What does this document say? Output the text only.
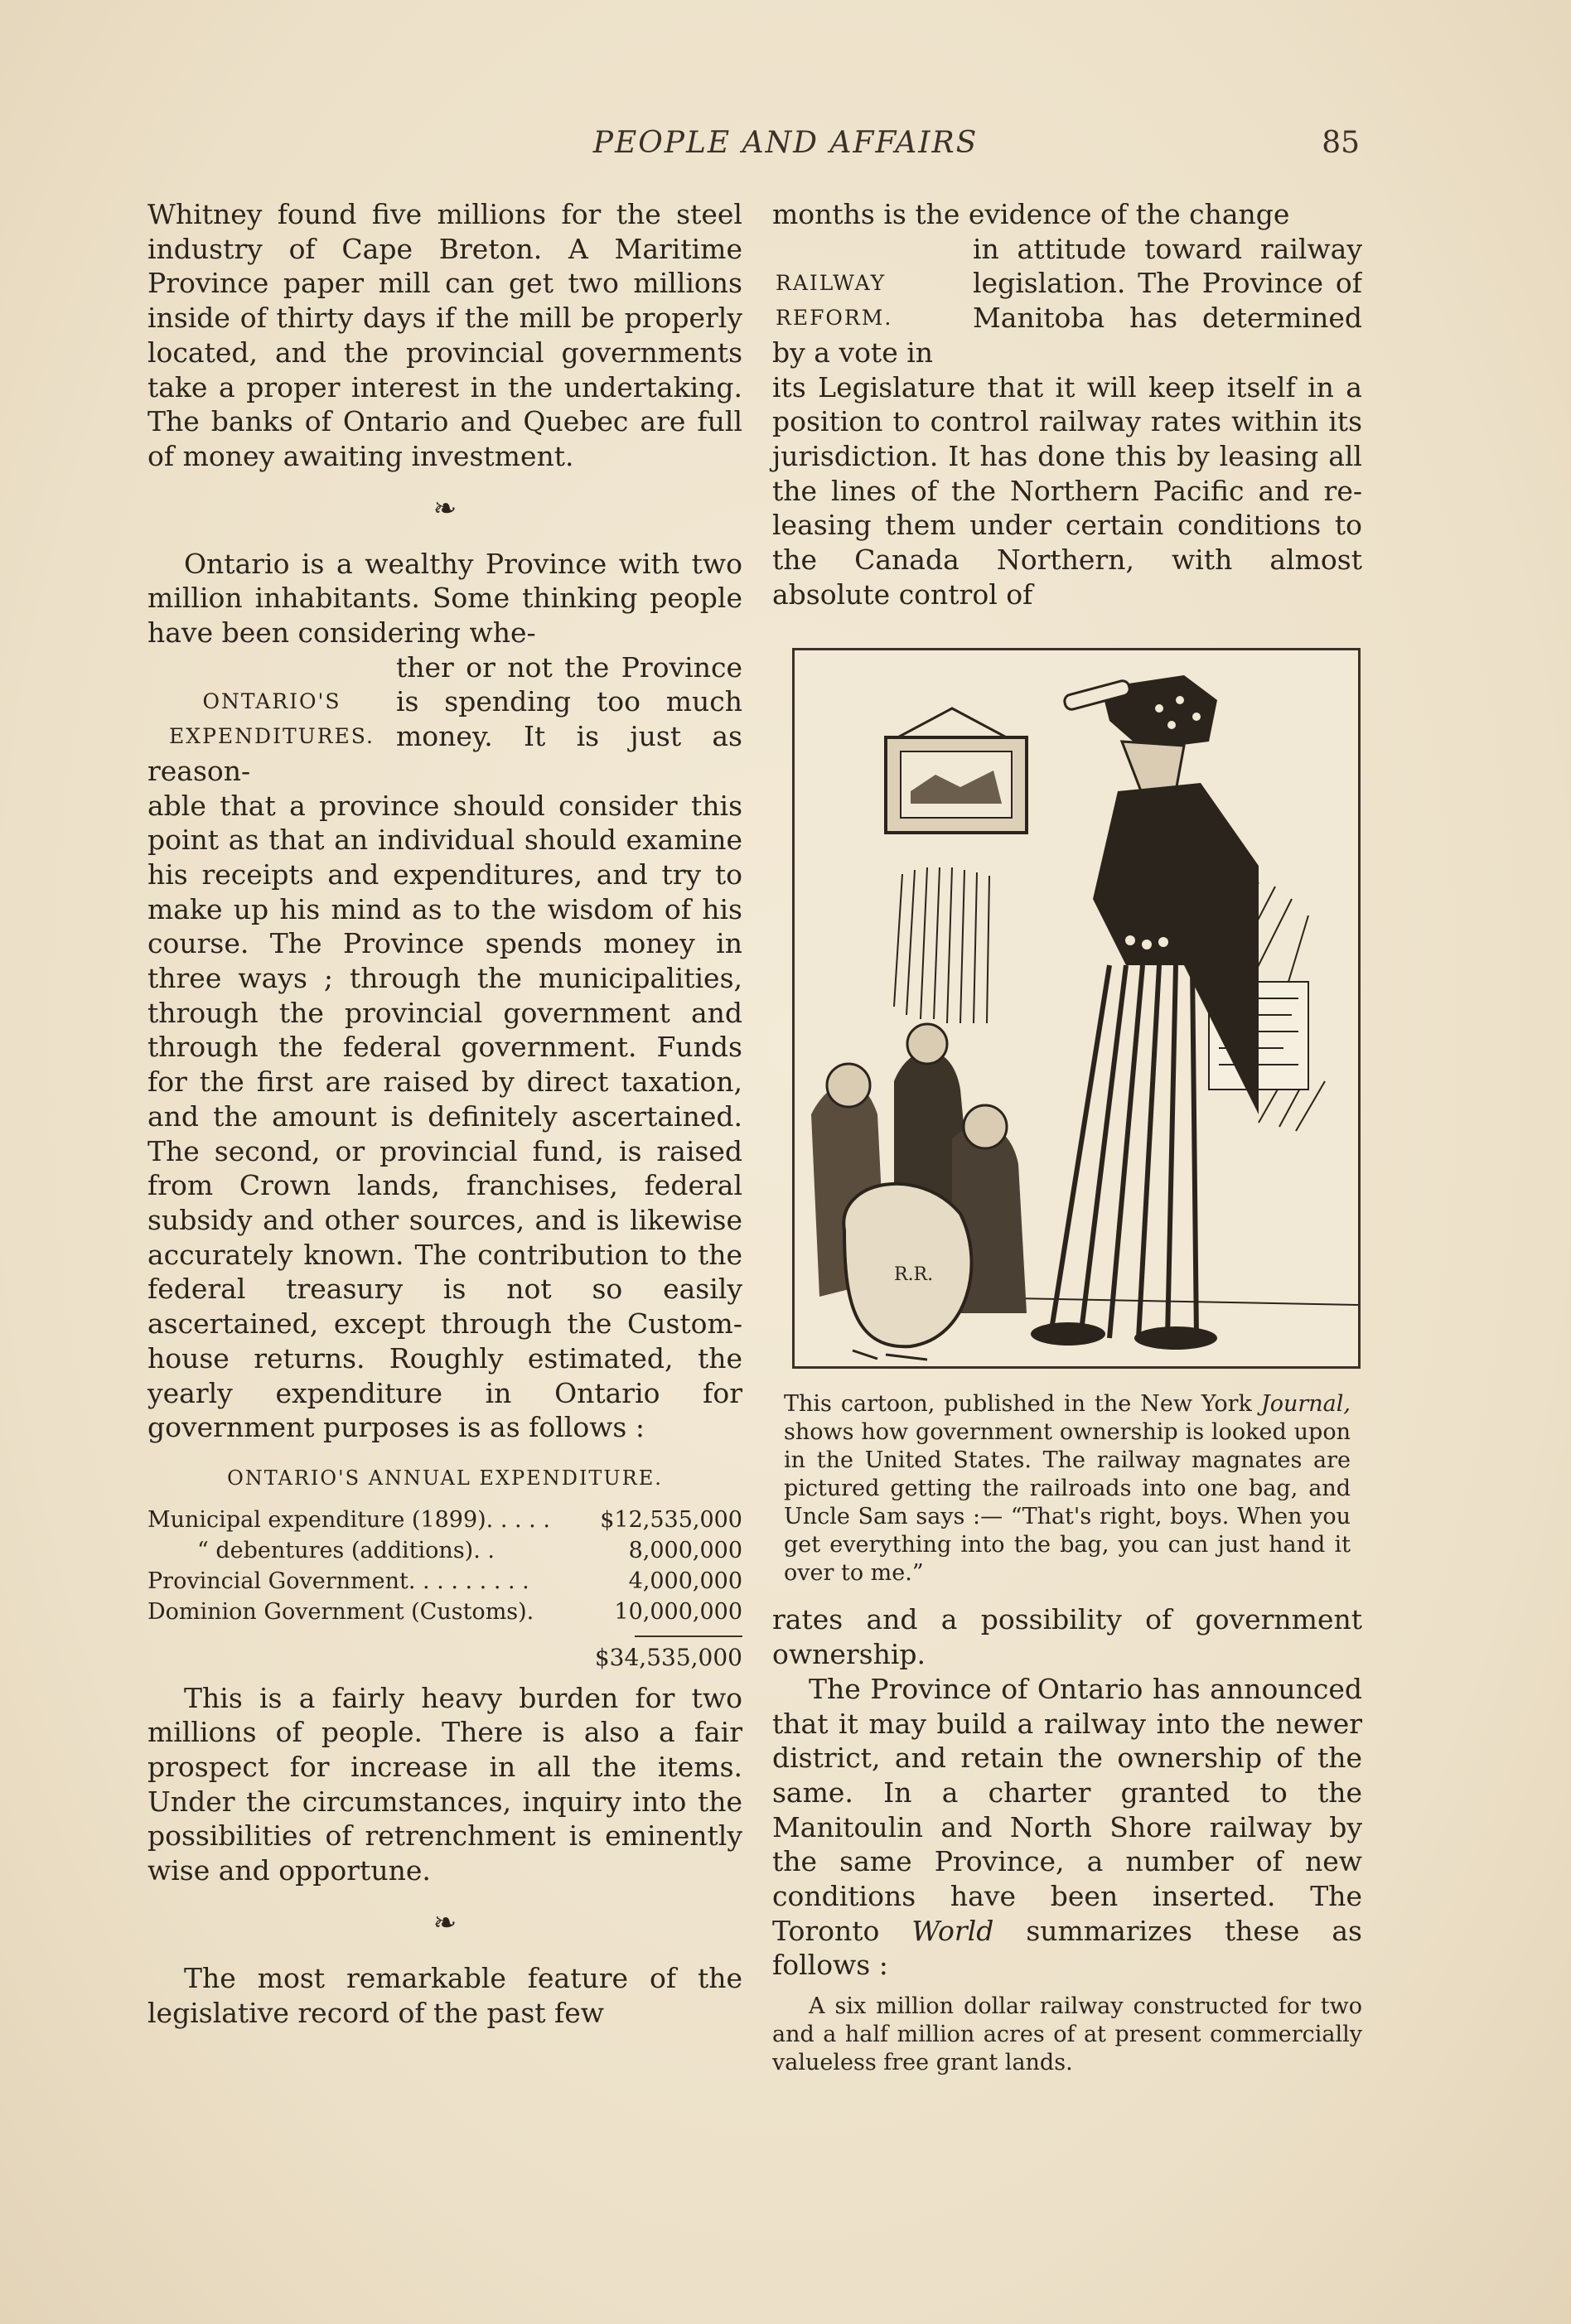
PEOPLE AND AFFAIRS	85

Whitney found five millions for the steel industry of Cape Breton. A Maritime Province paper mill can get two millions inside of thirty days if the mill be properly located, and the provincial governments take a proper interest in the undertaking. The banks of Ontario and Quebec are full of money awaiting investment.

❧

Ontario is a wealthy Province with two million inhabitants. Some thinking people have been considering whe-

ONTARIO'S EXPENDITURES.

ther or not the Province is spending too much money. It is just as reason-

able that a province should consider this point as that an individual should examine his receipts and expenditures, and try to make up his mind as to the wisdom of his course. The Province spends money in three ways ; through the municipalities, through the provincial government and through the federal government. Funds for the first are raised by direct taxation, and the amount is definitely ascertained. The second, or provincial fund, is raised from Crown lands, franchises, federal subsidy and other sources, and is likewise accurately known. The contribution to the federal treasury is not so easily ascertained, except through the Custom-house returns. Roughly estimated, the yearly expenditure in Ontario for government purposes is as follows :

ONTARIO'S ANNUAL EXPENDITURE.
Municipal expenditure (1899). . . . . $12,535,000
“ debentures (additions). .	8,000,000
Provincial Government. . . . . . . . .	4,000,000
Dominion Government (Customs).	10,000,000
$34,535,000

This is a fairly heavy burden for two millions of people. There is also a fair prospect for increase in all the items. Under the circumstances, inquiry into the possibilities of retrenchment is eminently wise and opportune.

❧

The most remarkable feature of the legislative record of the past few

months is the evidence of the change

RAILWAY REFORM.

in attitude toward railway legislation. The Province of Manitoba has determined by a vote in

its Legislature that it will keep itself in a position to control railway rates within its jurisdiction. It has done this by leasing all the lines of the Northern Pacific and re-leasing them under certain conditions to the Canada Northern, with almost absolute control of

R.R.

This cartoon, published in the New York Journal, shows how government ownership is looked upon in the United States. The railway magnates are pictured getting the railroads into one bag, and Uncle Sam says :— “That's right, boys. When you get everything into the bag, you can just hand it over to me.”

rates and a possibility of government ownership.

The Province of Ontario has announced that it may build a railway into the newer district, and retain the ownership of the same. In a charter granted to the Manitoulin and North Shore railway by the same Province, a number of new conditions have been inserted. The Toronto World summarizes these as follows :

A six million dollar railway constructed for two and a half million acres of at present commercially valueless free grant lands.
